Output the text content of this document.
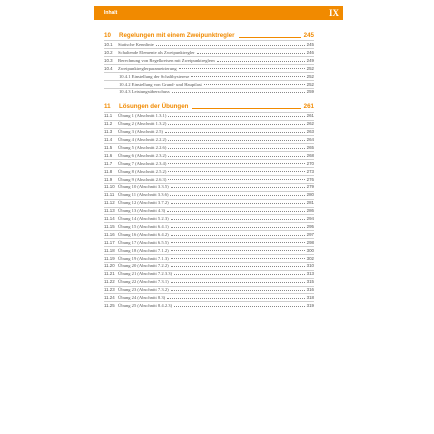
Inhalt	IX
10	Regelungen mit einem Zweipunktregler	245
10.1	Statische Kennlinie	245
10.2	Schaltende Elemente als Zweipunktregler	246
10.3	Berechnung von Regelkreisen mit Zweipunktreglern	249
10.4	Zweipunktreglerparametrierung	252
10.4.1 Einstellung der Schalthysterese	252
10.4.2 Einstellung von Grund- und Hauptlast	252
10.4.3 Leistungsüberschuss	259
11	Lösungen der Übungen	261
11.1	Übung 1 (Abschnitt 1.3.1)	261
11.2	Übung 2 (Abschnitt 1.3.2)	262
11.3	Übung 3 (Abschnitt 2.5)	263
11.4	Übung 4 (Abschnitt 2.2.2)	264
11.5	Übung 5 (Abschnitt 2.2.6)	265
11.6	Übung 6 (Abschnitt 2.3.2)	268
11.7	Übung 7 (Abschnitt 2.3.4)	270
11.8	Übung 8 (Abschnitt 2.5.2)	273
11.9	Übung 9 (Abschnitt 2.6.3)	276
11.10 Übung 10 (Abschnitt 3.3.5)	279
11.11 Übung 11 (Abschnitt 3.3.6)	280
11.12 Übung 12 (Abschnitt 3.7.2)	281
11.13 Übung 13 (Abschnitt 4.3)	286
11.14 Übung 14 (Abschnitt 5.2.3)	294
11.15 Übung 15 (Abschnitt 6.4.1)	295
11.16 Übung 16 (Abschnitt 6.4.2)	297
11.17 Übung 17 (Abschnitt 6.5.5)	298
11.18 Übung 18 (Abschnitt 7.1.2)	300
11.19 Übung 19 (Abschnitt 7.1.3)	302
11.20 Übung 20 (Abschnitt 7.2.2)	310
11.21 Übung 21 (Abschnitt 7.2.3.3)	313
11.22 Übung 22 (Abschnitt 7.3.1)	315
11.23 Übung 23 (Abschnitt 7.3.2)	316
11.24 Übung 24 (Abschnitt 8.3)	318
11.25 Übung 25 (Abschnitt 8.4.2.3)	319
